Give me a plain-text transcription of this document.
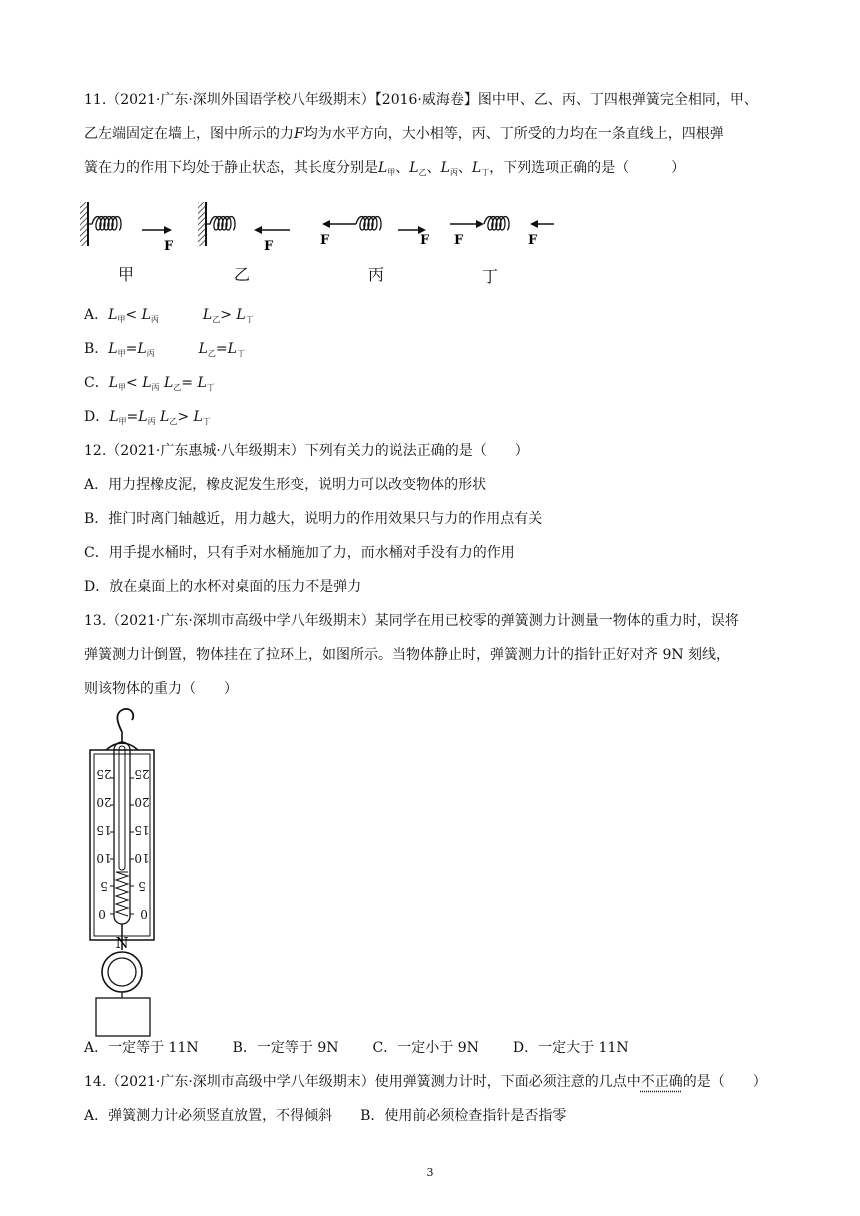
11.（2021·广东·深圳外国语学校八年级期末）【2016·威海卷】图中甲、乙、丙、丁四根弹簧完全相同，甲、
乙左端固定在墙上，图中所示的力F均为水平方向，大小相等，丙、丁所受的力均在一条直线上，四根弹
簧在力的作用下均处于静止状态，其长度分别是$L_甲$、$L_乙$、$L_丙$、$L_丁$，下列选项正确的是（　　　）
F	F	F	F F	F
甲	乙	丙	丁
A．$L_甲< L_丙$	$L_乙> L_丁$
B．$L_甲=L_丙$	$L_乙=L_丁$
C．$L_甲< L_丙$ $L_乙= L_丁$
D．$L_甲=L_丙$ $L_乙> L_丁$
12.（2021·广东惠城·八年级期末）下列有关力的说法正确的是（　　）
A．用力捏橡皮泥，橡皮泥发生形变，说明力可以改变物体的形状
B．推门时离门轴越近，用力越大，说明力的作用效果只与力的作用点有关
C．用手提水桶时，只有手对水桶施加了力，而水桶对手没有力的作用
D．放在桌面上的水杯对桌面的压力不是弹力
13.（2021·广东·深圳市高级中学八年级期末）某同学在用已校零的弹簧测力计测量一物体的重力时，误将
弹簧测力计倒置，物体挂在了拉环上，如图所示。当物体静止时，弹簧测力计的指针正好对齐 9N 刻线，
则该物体的重力（　　）
25
20
15
10
5
0
25
20
15
10
5
0
N
A．一定等于 11N B．一定等于 9N C．一定小于 9N D．一定大于 11N
14.（2021·广东·深圳市高级中学八年级期末）使用弹簧测力计时，下面必须注意的几点中不正确的是（　　）
A．弹簧测力计必须竖直放置，不得倾斜 B．使用前必须检查指针是否指零
3
